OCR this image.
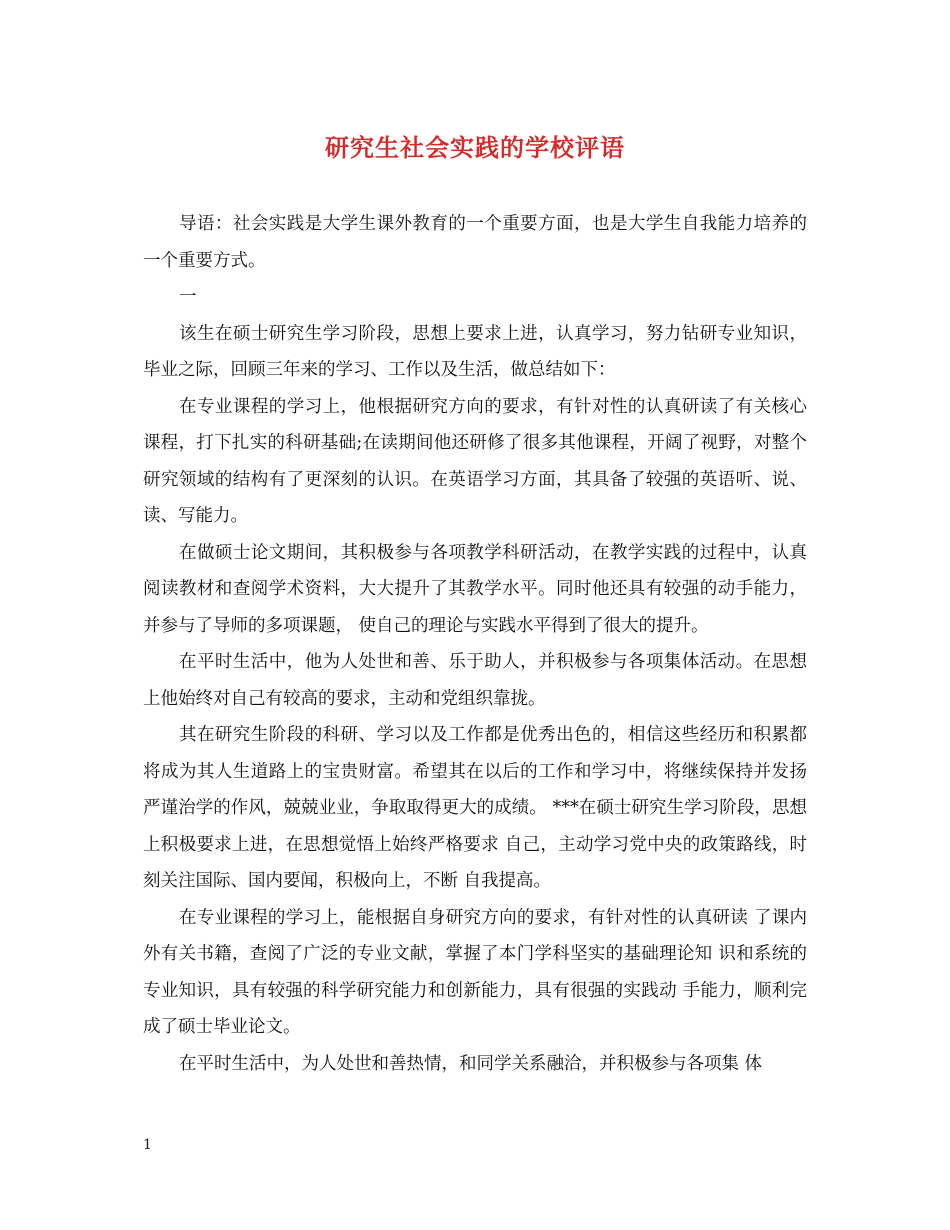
研究生社会实践的学校评语

导语：社会实践是大学生课外教育的一个重要方面，也是大学生自我能力培养的一个重要方式。

一

该生在硕士研究生学习阶段，思想上要求上进，认真学习，努力钻研专业知识，毕业之际，回顾三年来的学习、工作以及生活，做总结如下：

在专业课程的学习上，他根据研究方向的要求，有针对性的认真研读了有关核心课程，打下扎实的科研基础;在读期间他还研修了很多其他课程，开阔了视野，对整个研究领域的结构有了更深刻的认识。在英语学习方面，其具备了较强的英语听、说、读、写能力。

在做硕士论文期间，其积极参与各项教学科研活动，在教学实践的过程中，认真阅读教材和查阅学术资料，大大提升了其教学水平。同时他还具有较强的动手能力， 并参与了导师的多项课题， 使自己的理论与实践水平得到了很大的提升。

在平时生活中，他为人处世和善、乐于助人，并积极参与各项集体活动。在思想上他始终对自己有较高的要求，主动和党组织靠拢。

其在研究生阶段的科研、学习以及工作都是优秀出色的，相信这些经历和积累都将成为其人生道路上的宝贵财富。希望其在以后的工作和学习中，将继续保持并发扬严谨治学的作风，兢兢业业，争取取得更大的成绩。 ***在硕士研究生学习阶段，思想上积极要求上进，在思想觉悟上始终严格要求 自己，主动学习党中央的政策路线，时刻关注国际、国内要闻，积极向上，不断 自我提高。

在专业课程的学习上，能根据自身研究方向的要求，有针对性的认真研读 了课内外有关书籍，查阅了广泛的专业文献，掌握了本门学科坚实的基础理论知 识和系统的专业知识，具有较强的科学研究能力和创新能力，具有很强的实践动 手能力，顺利完成了硕士毕业论文。

在平时生活中，为人处世和善热情，和同学关系融洽，并积极参与各项集 体

1
